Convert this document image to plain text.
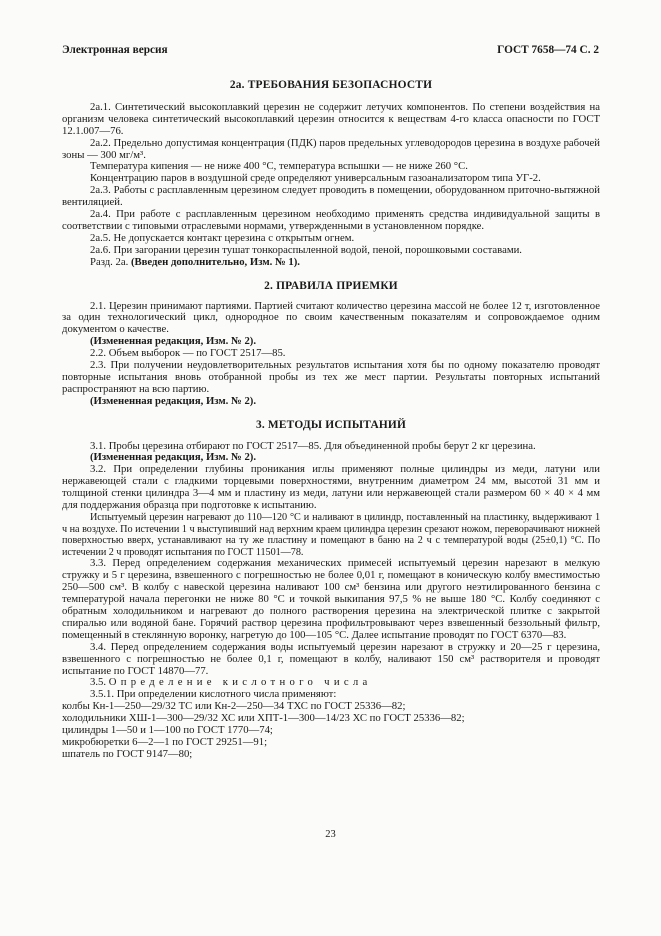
Электронная версия	ГОСТ 7658—74 С. 2
2а. ТРЕБОВАНИЯ БЕЗОПАСНОСТИ

2а.1. Синтетический высокоплавкий церезин не содержит летучих компонентов. По степени воздействия на организм человека синтетический высокоплавкий церезин относится к веществам 4-го класса опасности по ГОСТ 12.1.007—76.

2а.2. Предельно допустимая концентрация (ПДК) паров предельных углеводородов церезина в воздухе рабочей зоны — 300 мг/м³.

Температура кипения — не ниже 400 °С, температура вспышки — не ниже 260 °С.

Концентрацию паров в воздушной среде определяют универсальным газоанализатором типа УГ-2.

2а.3. Работы с расплавленным церезином следует проводить в помещении, оборудованном приточно-вытяжной вентиляцией.

2а.4. При работе с расплавленным церезином необходимо применять средства индивидуальной защиты в соответствии с типовыми отраслевыми нормами, утвержденными в установленном порядке.

2а.5. Не допускается контакт церезина с открытым огнем.

2а.6. При загорании церезин тушат тонкораспыленной водой, пеной, порошковыми составами.

Разд. 2а. (Введен дополнительно, Изм. № 1).

2. ПРАВИЛА ПРИЕМКИ

2.1. Церезин принимают партиями. Партией считают количество церезина массой не более 12 т, изготовленное за один технологический цикл, однородное по своим качественным показателям и сопровождаемое одним документом о качестве.

(Измененная редакция, Изм. № 2).

2.2. Объем выборок — по ГОСТ 2517—85.

2.3. При получении неудовлетворительных результатов испытания хотя бы по одному показателю проводят повторные испытания вновь отобранной пробы из тех же мест партии. Результаты повторных испытаний распространяют на всю партию.

(Измененная редакция, Изм. № 2).

3. МЕТОДЫ ИСПЫТАНИЙ

3.1. Пробы церезина отбирают по ГОСТ 2517—85. Для объединенной пробы берут 2 кг церезина.

(Измененная редакция, Изм. № 2).

3.2. При определении глубины проникания иглы применяют полные цилиндры из меди, латуни или нержавеющей стали с гладкими торцевыми поверхностями, внутренним диаметром 24 мм, высотой 31 мм и толщиной стенки цилиндра 3—4 мм и пластину из меди, латуни или нержавеющей стали размером 60 × 40 × 4 мм для поддержания образца при подготовке к испытанию.

Испытуемый церезин нагревают до 110—120 °С и наливают в цилиндр, поставленный на пластинку, выдерживают 1 ч на воздухе. По истечении 1 ч выступивший над верхним краем цилиндра церезин срезают ножом, переворачивают нижней поверхностью вверх, устанавливают на ту же пластину и помещают в баню на 2 ч с температурой воды (25±0,1) °С. По истечении 2 ч проводят испытания по ГОСТ 11501—78.

3.3. Перед определением содержания механических примесей испытуемый церезин нарезают в мелкую стружку и 5 г церезина, взвешенного с погрешностью не более 0,01 г, помещают в коническую колбу вместимостью 250—500 см³. В колбу с навеской церезина наливают 100 см³ бензина или другого неэтилированного бензина с температурой начала перегонки не ниже 80 °С и точкой выкипания 97,5 % не выше 180 °С. Колбу соединяют с обратным холодильником и нагревают до полного растворения церезина на электрической плитке с закрытой спиралью или водяной бане. Горячий раствор церезина профильтровывают через взвешенный беззольный фильтр, помещенный в стеклянную воронку, нагретую до 100—105 °С. Далее испытание проводят по ГОСТ 6370—83.

3.4. Перед определением содержания воды испытуемый церезин нарезают в стружку и 20—25 г церезина, взвешенного с погрешностью не более 0,1 г, помещают в колбу, наливают 150 см³ растворителя и проводят испытание по ГОСТ 14870—77.

3.5. Определение кислотного числа

3.5.1. При определении кислотного числа применяют:

колбы Кн-1—250—29/32 ТС или Кн-2—250—34 ТХС по ГОСТ 25336—82;

холодильники ХШ-1—300—29/32 ХС или ХПТ-1—300—14/23 ХС по ГОСТ 25336—82;

цилиндры 1—50 и 1—100 по ГОСТ 1770—74;

микробюретки 6—2—1 по ГОСТ 29251—91;

шпатель по ГОСТ 9147—80;

23
